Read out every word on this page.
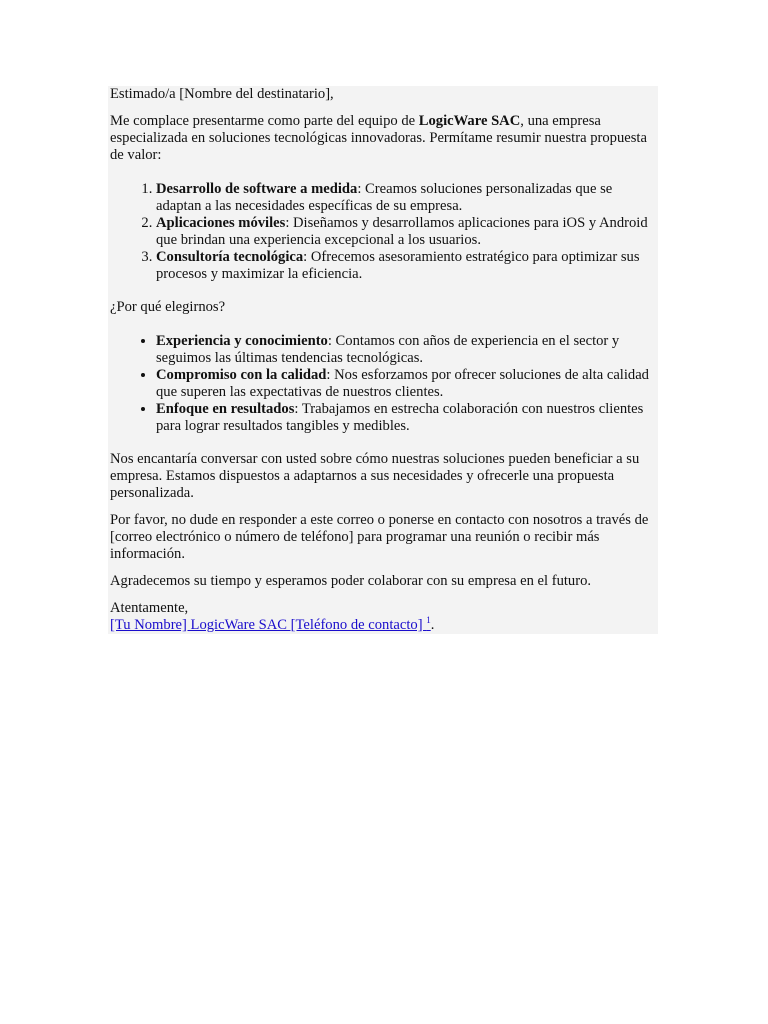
Estimado/a [Nombre del destinatario],

Me complace presentarme como parte del equipo de LogicWare SAC, una empresa especializada en soluciones tecnológicas innovadoras. Permítame resumir nuestra propuesta de valor:

1. Desarrollo de software a medida: Creamos soluciones personalizadas que se adaptan a las necesidades específicas de su empresa.
2. Aplicaciones móviles: Diseñamos y desarrollamos aplicaciones para iOS y Android que brindan una experiencia excepcional a los usuarios.
3. Consultoría tecnológica: Ofrecemos asesoramiento estratégico para optimizar sus procesos y maximizar la eficiencia.

¿Por qué elegirnos?

• Experiencia y conocimiento: Contamos con años de experiencia en el sector y seguimos las últimas tendencias tecnológicas.
• Compromiso con la calidad: Nos esforzamos por ofrecer soluciones de alta calidad que superen las expectativas de nuestros clientes.
• Enfoque en resultados: Trabajamos en estrecha colaboración con nuestros clientes para lograr resultados tangibles y medibles.

Nos encantaría conversar con usted sobre cómo nuestras soluciones pueden beneficiar a su empresa. Estamos dispuestos a adaptarnos a sus necesidades y ofrecerle una propuesta personalizada.

Por favor, no dude en responder a este correo o ponerse en contacto con nosotros a través de [correo electrónico o número de teléfono] para programar una reunión o recibir más información.

Agradecemos su tiempo y esperamos poder colaborar con su empresa en el futuro.

Atentamente,
[Tu Nombre] LogicWare SAC [Teléfono de contacto] $^1$.
